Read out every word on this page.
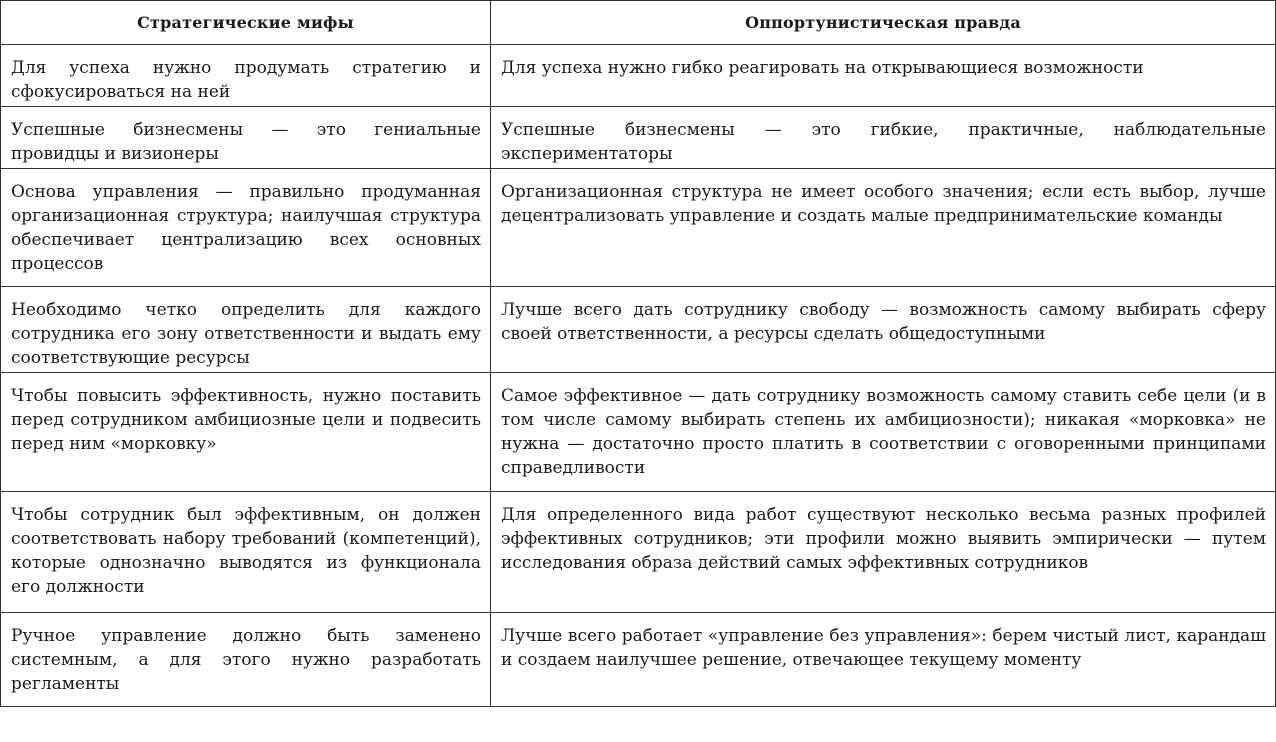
Стратегические мифы	Оппортунистическая правда
Для успеха нужно продумать стратегию и сфокусироваться на ней	Для успеха нужно гибко реагировать на открывающиеся возможности
Успешные бизнесмены — это гениальные провидцы и визионеры	Успешные бизнесмены — это гибкие, практичные, наблюдательные экспериментаторы
Основа управления — правильно продуманная организационная структура; наилучшая структура обеспечивает централизацию всех основных процессов	Организационная структура не имеет особого значения; если есть выбор, лучше децентрализовать управление и создать малые предпринимательские команды
Необходимо четко определить для каждого сотрудника его зону ответственности и выдать ему соответствующие ресурсы	Лучше всего дать сотруднику свободу — возможность самому выбирать сферу своей ответственности, а ресурсы сделать общедоступными
Чтобы повысить эффективность, нужно поставить перед сотрудником амбициозные цели и подвесить перед ним «морковку»	Самое эффективное — дать сотруднику возможность самому ставить себе цели (и в том числе самому выбирать степень их амбициозности); никакая «морковка» не нужна — достаточно просто платить в соответствии с оговоренными принципами справедливости
Чтобы сотрудник был эффективным, он должен соответствовать набору требований (компетенций), которые однозначно выводятся из функционала его должности	Для определенного вида работ существуют несколько весьма разных профилей эффективных сотрудников; эти профили можно выявить эмпирически — путем исследования образа действий самых эффективных сотрудников
Ручное управление должно быть заменено системным, а для этого нужно разработать регламенты	Лучше всего работает «управление без управления»: берем чистый лист, карандаш и создаем наилучшее решение, отвечающее текущему моменту
